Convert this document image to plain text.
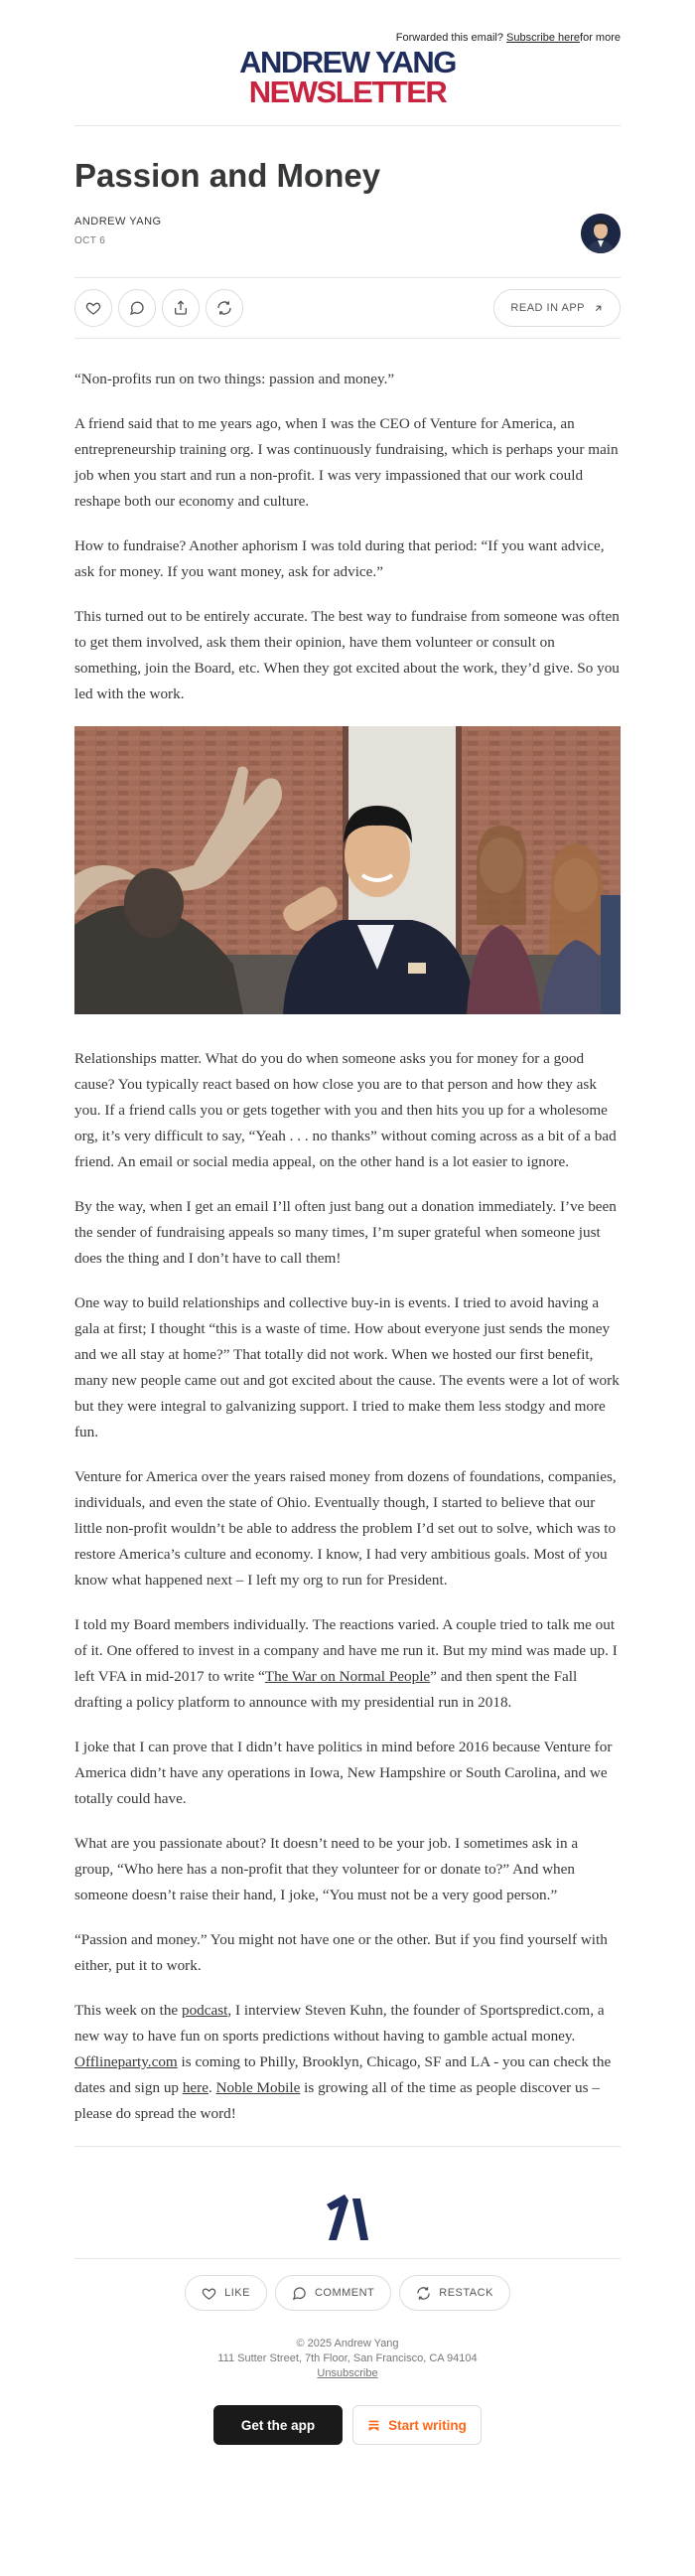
Forwarded this email?
Subscribe here for more
ANDREW YANG
NEWSLETTER
Passion and Money
ANDREW YANG
OCT 6
READ IN APP

“Non-profits run on two things: passion and money.”

A friend said that to me years ago, when I was the CEO of Venture for America, an entrepreneurship training org. I was continuously fundraising, which is perhaps your main job when you start and run a non-profit. I was very impassioned that our work could reshape both our economy and culture.

How to fundraise? Another aphorism I was told during that period: “If you want advice, ask for money. If you want money, ask for advice.”

This turned out to be entirely accurate. The best way to fundraise from someone was often to get them involved, ask them their opinion, have them volunteer or consult on something, join the Board, etc. When they got excited about the work, they’d give. So you led with the work.

Relationships matter. What do you do when someone asks you for money for a good cause? You typically react based on how close you are to that person and how they ask you. If a friend calls you or gets together with you and then hits you up for a wholesome org, it’s very difficult to say, “Yeah . . . no thanks” without coming across as a bit of a bad friend. An email or social media appeal, on the other hand is a lot easier to ignore.

By the way, when I get an email I’ll often just bang out a donation immediately. I’ve been the sender of fundraising appeals so many times, I’m super grateful when someone just does the thing and I don’t have to call them!

One way to build relationships and collective buy-in is events. I tried to avoid having a gala at first; I thought “this is a waste of time. How about everyone just sends the money and we all stay at home?” That totally did not work. When we hosted our first benefit, many new people came out and got excited about the cause. The events were a lot of work but they were integral to galvanizing support. I tried to make them less stodgy and more fun.

Venture for America over the years raised money from dozens of foundations, companies, individuals, and even the state of Ohio. Eventually though, I started to believe that our little non-profit wouldn’t be able to address the problem I’d set out to solve, which was to restore America’s culture and economy. I know, I had very ambitious goals. Most of you know what happened next – I left my org to run for President.

I told my Board members individually. The reactions varied. A couple tried to talk me out of it. One offered to invest in a company and have me run it. But my mind was made up. I left VFA in mid-2017 to write “The War on Normal People” and then spent the Fall drafting a policy platform to announce with my presidential run in 2018.

I joke that I can prove that I didn’t have politics in mind before 2016 because Venture for America didn’t have any operations in Iowa, New Hampshire or South Carolina, and we totally could have.

What are you passionate about? It doesn’t need to be your job. I sometimes ask in a group, “Who here has a non-profit that they volunteer for or donate to?” And when someone doesn’t raise their hand, I joke, “You must not be a very good person.”

“Passion and money.” You might not have one or the other. But if you find yourself with either, put it to work.

This week on the podcast, I interview Steven Kuhn, the founder of Sportspredict.com, a new way to have fun on sports predictions without having to gamble actual money. Offlineparty.com is coming to Philly, Brooklyn, Chicago, SF and LA - you can check the dates and sign up here. Noble Mobile is growing all of the time as people discover us – please do spread the word!

LIKE	COMMENT	RESTACK
© 2025 Andrew Yang
111 Sutter Street, 7th Floor, San Francisco, CA 94104
Unsubscribe
Get the app	Start writing
